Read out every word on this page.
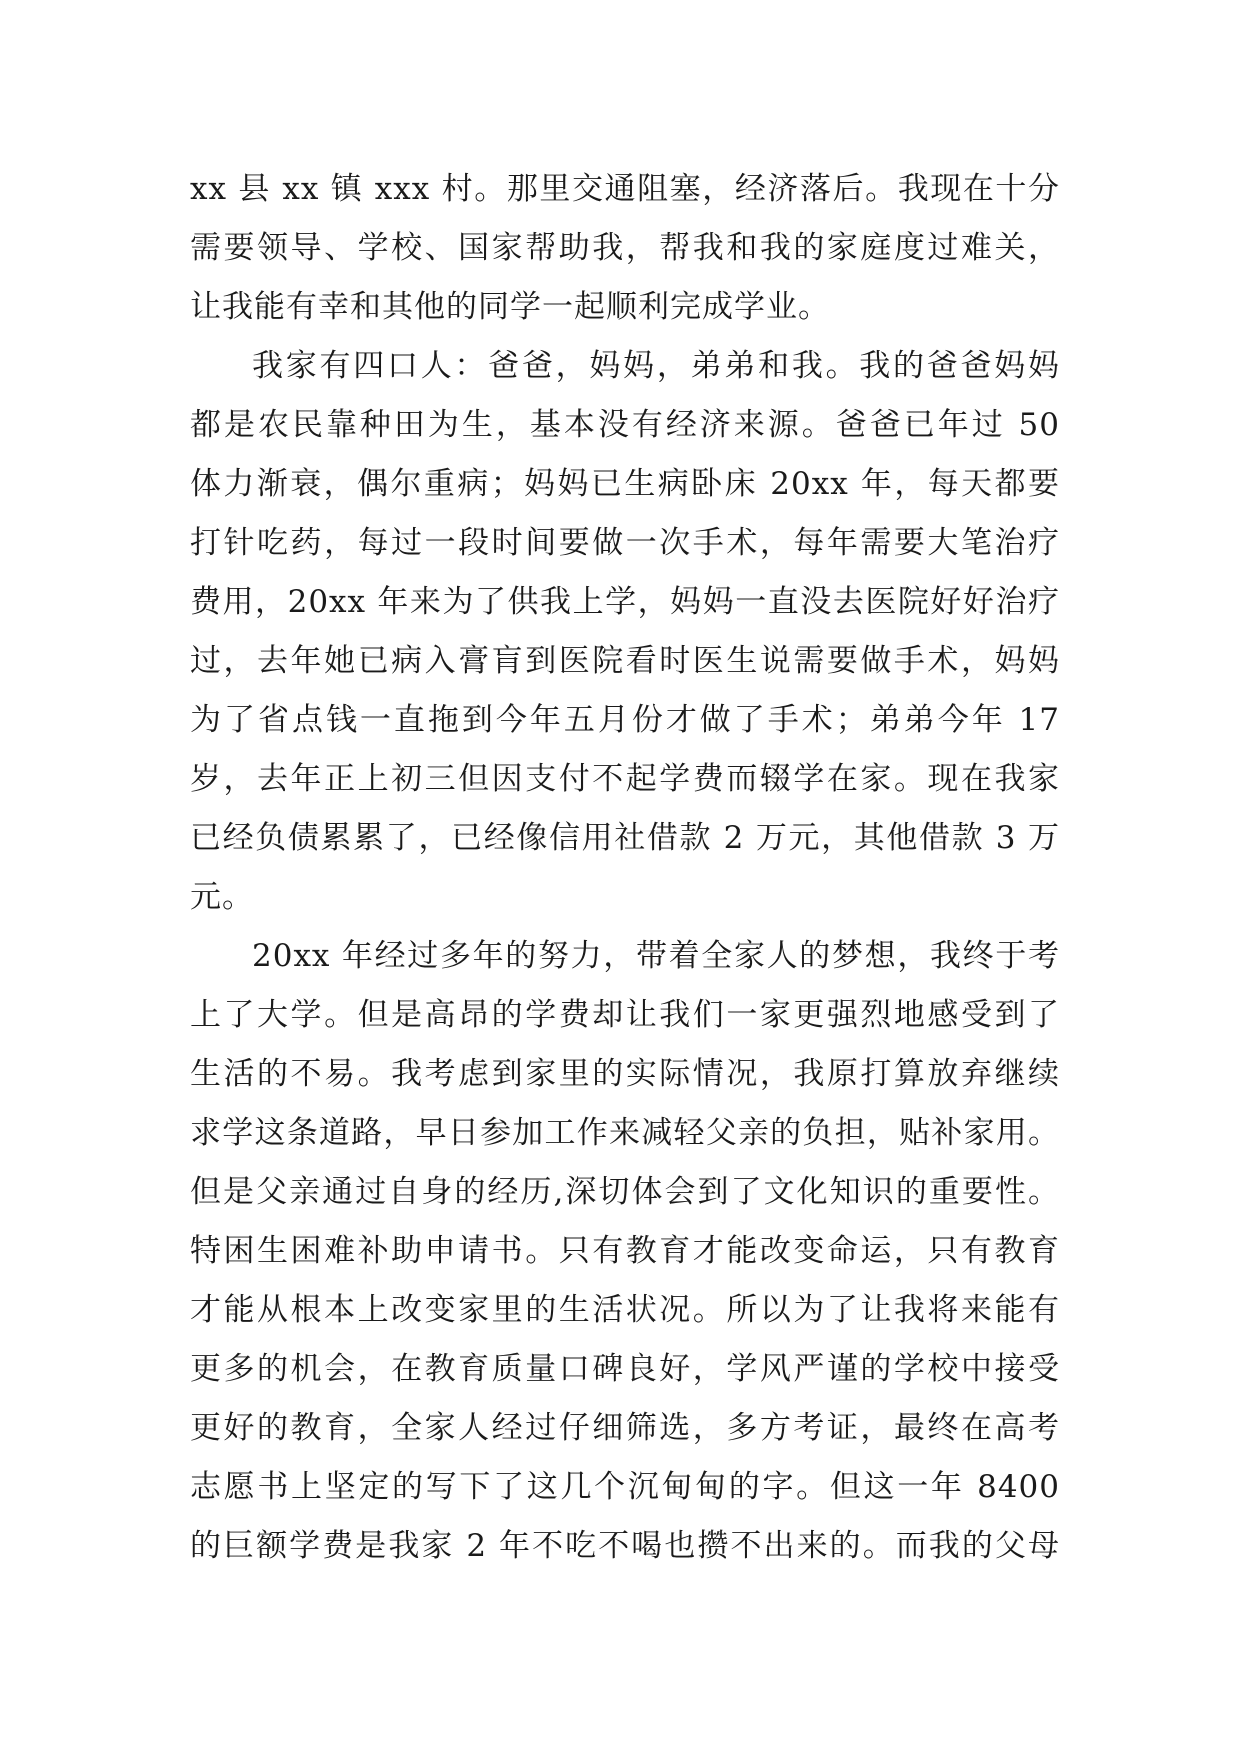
xx 县 xx 镇 xxx 村。那里交通阻塞，经济落后。我现在十分
需要领导、学校、国家帮助我，帮我和我的家庭度过难关，
让我能有幸和其他的同学一起顺利完成学业。
我家有四口人：爸爸，妈妈，弟弟和我。我的爸爸妈妈
都是农民靠种田为生，基本没有经济来源。爸爸已年过 50
体力渐衰，偶尔重病；妈妈已生病卧床 20xx 年，每天都要
打针吃药，每过一段时间要做一次手术，每年需要大笔治疗
费用，20xx 年来为了供我上学，妈妈一直没去医院好好治疗
过，去年她已病入膏肓到医院看时医生说需要做手术，妈妈
为了省点钱一直拖到今年五月份才做了手术；弟弟今年 17
岁，去年正上初三但因支付不起学费而辍学在家。现在我家
已经负债累累了，已经像信用社借款 2 万元，其他借款 3 万
元。
20xx 年经过多年的努力，带着全家人的梦想，我终于考
上了大学。但是高昂的学费却让我们一家更强烈地感受到了
生活的不易。我考虑到家里的实际情况，我原打算放弃继续
求学这条道路，早日参加工作来减轻父亲的负担，贴补家用。
但是父亲通过自身的经历,深切体会到了文化知识的重要性。
特困生困难补助申请书。只有教育才能改变命运，只有教育
才能从根本上改变家里的生活状况。所以为了让我将来能有
更多的机会，在教育质量口碑良好，学风严谨的学校中接受
更好的教育，全家人经过仔细筛选，多方考证，最终在高考
志愿书上坚定的写下了这几个沉甸甸的字。但这一年 8400
的巨额学费是我家 2 年不吃不喝也攒不出来的。而我的父母
